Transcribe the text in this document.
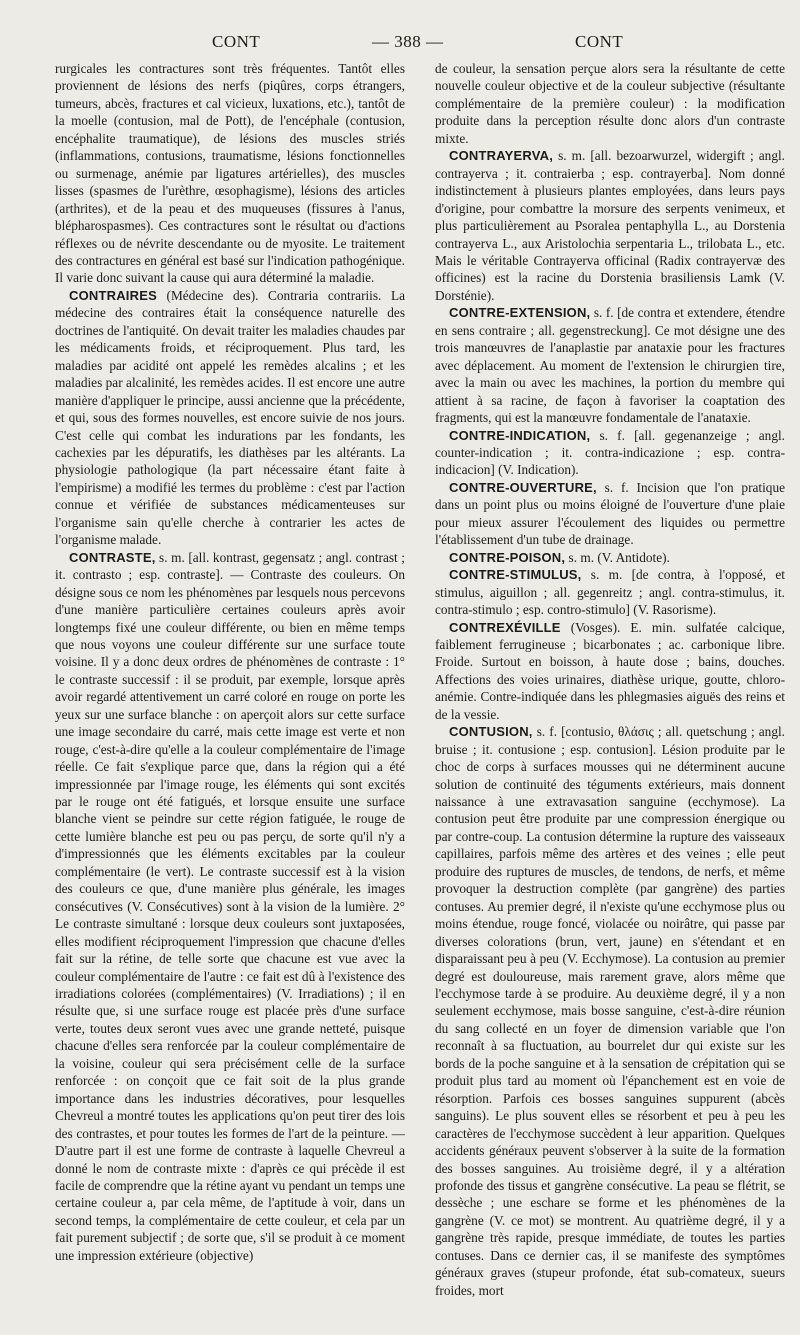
CONT	— 388 —	CONT

rurgicales les contractures sont très fréquentes. Tantôt elles proviennent de lésions des nerfs (piqûres, corps étrangers, tumeurs, abcès, fractures et cal vicieux, luxations, etc.), tantôt de la moelle (contusion, mal de Pott), de l'encéphale (contusion, encéphalite traumatique), de lésions des muscles striés (inflammations, contusions, traumatisme, lésions fonctionnelles ou surmenage, anémie par ligatures artérielles), des muscles lisses (spasmes de l'urèthre, œsophagisme), lésions des articles (arthrites), et de la peau et des muqueuses (fissures à l'anus, blépharospasmes). Ces contractures sont le résultat ou d'actions réflexes ou de névrite descendante ou de myosite. Le traitement des contractures en général est basé sur l'indication pathogénique. Il varie donc suivant la cause qui aura déterminé la maladie.

CONTRAIRES (Médecine des). Contraria contrariis. La médecine des contraires était la conséquence naturelle des doctrines de l'antiquité. On devait traiter les maladies chaudes par les médicaments froids, et réciproquement. Plus tard, les maladies par acidité ont appelé les remèdes alcalins ; et les maladies par alcalinité, les remèdes acides. Il est encore une autre manière d'appliquer le principe, aussi ancienne que la précédente, et qui, sous des formes nouvelles, est encore suivie de nos jours. C'est celle qui combat les indurations par les fondants, les cachexies par les dépuratifs, les diathèses par les altérants. La physiologie pathologique (la part nécessaire étant faite à l'empirisme) a modifié les termes du problème : c'est par l'action connue et vérifiée de substances médicamenteuses sur l'organisme sain qu'elle cherche à contrarier les actes de l'organisme malade.

CONTRASTE, s. m. [all. kontrast, gegensatz ; angl. contrast ; it. contrasto ; esp. contraste]. — Contraste des couleurs. On désigne sous ce nom les phénomènes par lesquels nous percevons d'une manière particulière certaines couleurs après avoir longtemps fixé une couleur différente, ou bien en même temps que nous voyons une couleur différente sur une surface toute voisine. Il y a donc deux ordres de phénomènes de contraste : 1° le contraste successif : il se produit, par exemple, lorsque après avoir regardé attentivement un carré coloré en rouge on porte les yeux sur une surface blanche : on aperçoit alors sur cette surface une image secondaire du carré, mais cette image est verte et non rouge, c'est-à-dire qu'elle a la couleur complémentaire de l'image réelle. Ce fait s'explique parce que, dans la région qui a été impressionnée par l'image rouge, les éléments qui sont excités par le rouge ont été fatigués, et lorsque ensuite une surface blanche vient se peindre sur cette région fatiguée, le rouge de cette lumière blanche est peu ou pas perçu, de sorte qu'il n'y a d'impressionnés que les éléments excitables par la couleur complémentaire (le vert). Le contraste successif est à la vision des couleurs ce que, d'une manière plus générale, les images consécutives (V. Consécutives) sont à la vision de la lumière. 2° Le contraste simultané : lorsque deux couleurs sont juxtaposées, elles modifient réciproquement l'impression que chacune d'elles fait sur la rétine, de telle sorte que chacune est vue avec la couleur complémentaire de l'autre : ce fait est dû à l'existence des irradiations colorées (complémentaires) (V. Irradiations) ; il en résulte que, si une surface rouge est placée près d'une surface verte, toutes deux seront vues avec une grande netteté, puisque chacune d'elles sera renforcée par la couleur complémentaire de la voisine, couleur qui sera précisément celle de la surface renforcée : on conçoit que ce fait soit de la plus grande importance dans les industries décoratives, pour lesquelles Chevreul a montré toutes les applications qu'on peut tirer des lois des contrastes, et pour toutes les formes de l'art de la peinture. — D'autre part il est une forme de contraste à laquelle Chevreul a donné le nom de contraste mixte : d'après ce qui précède il est facile de comprendre que la rétine ayant vu pendant un temps une certaine couleur a, par cela même, de l'aptitude à voir, dans un second temps, la complémentaire de cette couleur, et cela par un fait purement subjectif ; de sorte que, s'il se produit à ce moment une impression extérieure (objective)

de couleur, la sensation perçue alors sera la résultante de cette nouvelle couleur objective et de la couleur subjective (résultante complémentaire de la première couleur) : la modification produite dans la perception résulte donc alors d'un contraste mixte.

CONTRAYERVA, s. m. [all. bezoarwurzel, widergift ; angl. contrayerva ; it. contraierba ; esp. contrayerba]. Nom donné indistinctement à plusieurs plantes employées, dans leurs pays d'origine, pour combattre la morsure des serpents venimeux, et plus particulièrement au Psoralea pentaphylla L., au Dorstenia contrayerva L., aux Aristolochia serpentaria L., trilobata L., etc. Mais le véritable Contrayerva officinal (Radix contrayervæ des officines) est la racine du Dorstenia brasiliensis Lamk (V. Dorsténie).

CONTRE-EXTENSION, s. f. [de contra et extendere, étendre en sens contraire ; all. gegenstreckung]. Ce mot désigne une des trois manœuvres de l'anaplastie par anataxie pour les fractures avec déplacement. Au moment de l'extension le chirurgien tire, avec la main ou avec les machines, la portion du membre qui attient à sa racine, de façon à favoriser la coaptation des fragments, qui est la manœuvre fondamentale de l'anataxie.

CONTRE-INDICATION, s. f. [all. gegenanzeige ; angl. counter-indication ; it. contra-indicazione ; esp. contra-indicacion] (V. Indication).

CONTRE-OUVERTURE, s. f. Incision que l'on pratique dans un point plus ou moins éloigné de l'ouverture d'une plaie pour mieux assurer l'écoulement des liquides ou permettre l'établissement d'un tube de drainage.

CONTRE-POISON, s. m. (V. Antidote).

CONTRE-STIMULUS, s. m. [de contra, à l'opposé, et stimulus, aiguillon ; all. gegenreitz ; angl. contra-stimulus, it. contra-stimulo ; esp. contro-stimulo] (V. Rasorisme).

CONTREXÉVILLE (Vosges). E. min. sulfatée calcique, faiblement ferrugineuse ; bicarbonates ; ac. carbonique libre. Froide. Surtout en boisson, à haute dose ; bains, douches. Affections des voies urinaires, diathèse urique, goutte, chloro-anémie. Contre-indiquée dans les phlegmasies aiguës des reins et de la vessie.

CONTUSION, s. f. [contusio, θλάσις ; all. quetschung ; angl. bruise ; it. contusione ; esp. contusion]. Lésion produite par le choc de corps à surfaces mousses qui ne déterminent aucune solution de continuité des téguments extérieurs, mais donnent naissance à une extravasation sanguine (ecchymose). La contusion peut être produite par une compression énergique ou par contre-coup. La contusion détermine la rupture des vaisseaux capillaires, parfois même des artères et des veines ; elle peut produire des ruptures de muscles, de tendons, de nerfs, et même provoquer la destruction complète (par gangrène) des parties contuses. Au premier degré, il n'existe qu'une ecchymose plus ou moins étendue, rouge foncé, violacée ou noirâtre, qui passe par diverses colorations (brun, vert, jaune) en s'étendant et en disparaissant peu à peu (V. Ecchymose). La contusion au premier degré est douloureuse, mais rarement grave, alors même que l'ecchymose tarde à se produire. Au deuxième degré, il y a non seulement ecchymose, mais bosse sanguine, c'est-à-dire réunion du sang collecté en un foyer de dimension variable que l'on reconnaît à sa fluctuation, au bourrelet dur qui existe sur les bords de la poche sanguine et à la sensation de crépitation qui se produit plus tard au moment où l'épanchement est en voie de résorption. Parfois ces bosses sanguines suppurent (abcès sanguins). Le plus souvent elles se résorbent et peu à peu les caractères de l'ecchymose succèdent à leur apparition. Quelques accidents généraux peuvent s'observer à la suite de la formation des bosses sanguines. Au troisième degré, il y a altération profonde des tissus et gangrène consécutive. La peau se flétrit, se dessèche ; une eschare se forme et les phénomènes de la gangrène (V. ce mot) se montrent. Au quatrième degré, il y a gangrène très rapide, presque immédiate, de toutes les parties contuses. Dans ce dernier cas, il se manifeste des symptômes généraux graves (stupeur profonde, état sub-comateux, sueurs froides, mort
